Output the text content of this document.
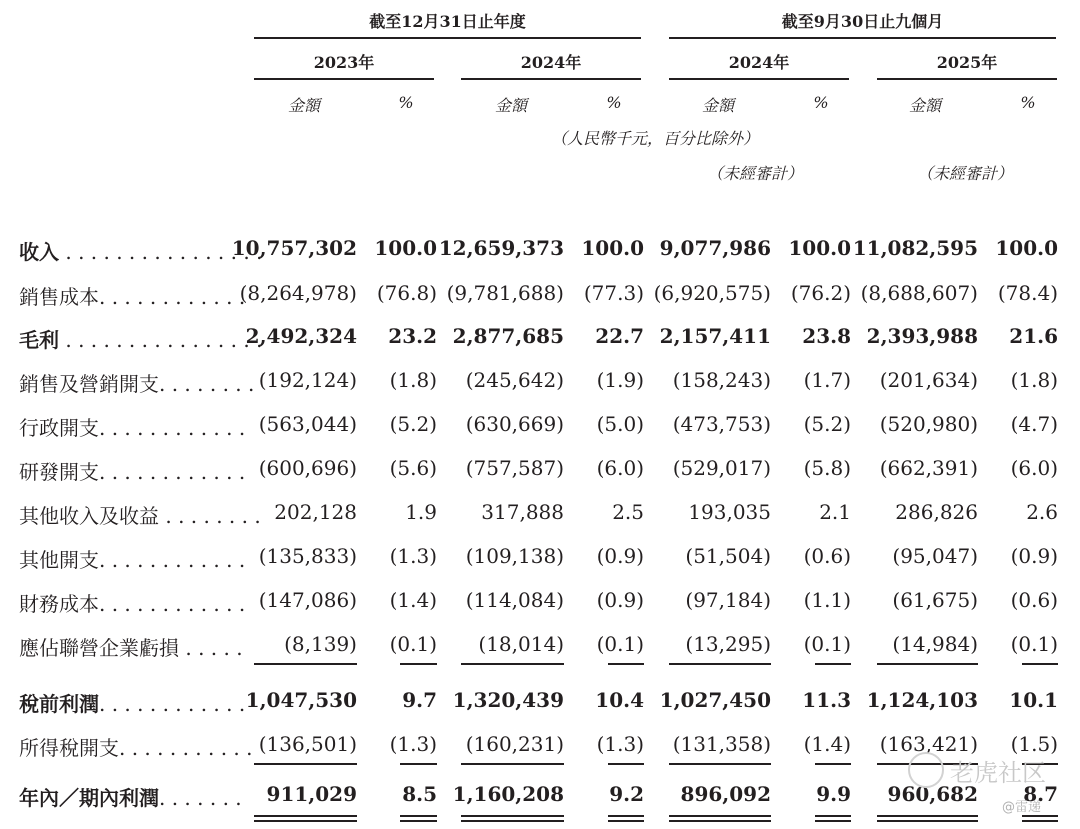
截至12月31日止年度	截至9月30日止九個月
2023年	2024年	2024年	2025年
金額	%	金額	%	金額	%	金額	%
（人民幣千元，百分比除外）
（未經審計）	（未經審計）
收入 . . . . . . . . . . . . . . . .
10,757,302 100.0 12,659,373 100.0 9,077,986 100.0 11,082,595 100.0
銷售成本. . . . . . . . . . . .
(8,264,978) (76.8) (9,781,688) (77.3) (6,920,575) (76.2) (8,688,607) (78.4)
毛利 . . . . . . . . . . . . . . . .
2,492,324 23.2 2,877,685 22.7 2,157,411 23.8 2,393,988 21.6
銷售及營銷開支. . . . . . . . (192,124) (1.8) (245,642) (1.9) (158,243) (1.7) (201,634) (1.8)
行政開支. . . . . . . . . . . . (563,044) (5.2) (630,669) (5.0) (473,753) (5.2) (520,980) (4.7)
研發開支. . . . . . . . . . . . (600,696) (5.6) (757,587) (6.0) (529,017) (5.8) (662,391) (6.0)
其他收入及收益 . . . . . . . . 202,128 1.9 317,888 2.5 193,035 2.1 286,826 2.6
其他開支. . . . . . . . . . . . (135,833) (1.3) (109,138) (0.9) (51,504) (0.6) (95,047) (0.9)
財務成本. . . . . . . . . . . . (147,086) (1.4) (114,084) (0.9) (97,184) (1.1) (61,675) (0.6)
應佔聯營企業虧損 . . . . . (8,139) (0.1) (18,014) (0.1) (13,295) (0.1) (14,984) (0.1)
稅前利潤. . . . . . . . . . . . 1,047,530 9.7 1,320,439 10.4 1,027,450 11.3 1,124,103 10.1
所得稅開支. . . . . . . . . . . (136,501) (1.3) (160,231) (1.3) (131,358) (1.4) (163,421) (1.5)
年內／期內利潤. . . . . . . 911,029 8.5 1,160,208 9.2 896,092 9.9 960,682 8.7
老虎社区
@雷递
